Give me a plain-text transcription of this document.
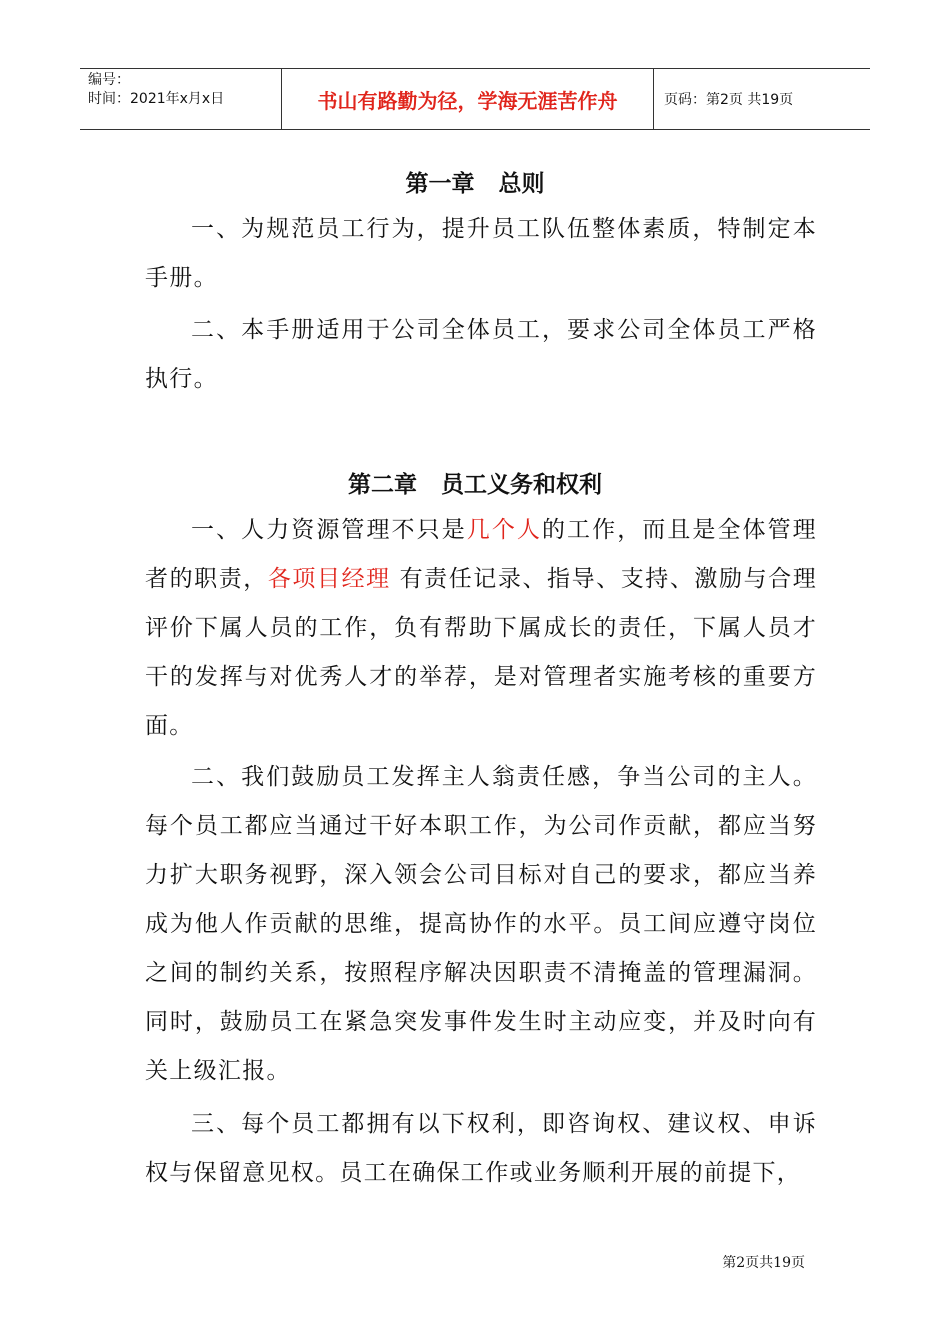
编号：
时间：2021年x月x日	书山有路勤为径，学海无涯苦作舟	页码：第2页 共19页
第一章   总则
一、为规范员工行为，提升员工队伍整体素质，特制定本手册。
二、本手册适用于公司全体员工，要求公司全体员工严格执行。
第二章   员工义务和权利
一、人力资源管理不只是几个人的工作，而且是全体管理者的职责，各项目经理 有责任记录、指导、支持、激励与合理评价下属人员的工作，负有帮助下属成长的责任，下属人员才干的发挥与对优秀人才的举荐，是对管理者实施考核的重要方面。
二、我们鼓励员工发挥主人翁责任感，争当公司的主人。每个员工都应当通过干好本职工作，为公司作贡献，都应当努力扩大职务视野，深入领会公司目标对自己的要求，都应当养成为他人作贡献的思维，提高协作的水平。员工间应遵守岗位之间的制约关系，按照程序解决因职责不清掩盖的管理漏洞。同时，鼓励员工在紧急突发事件发生时主动应变，并及时向有关上级汇报。
三、每个员工都拥有以下权利，即咨询权、建议权、申诉权与保留意见权。员工在确保工作或业务顺利开展的前提下，
第2页共19页
